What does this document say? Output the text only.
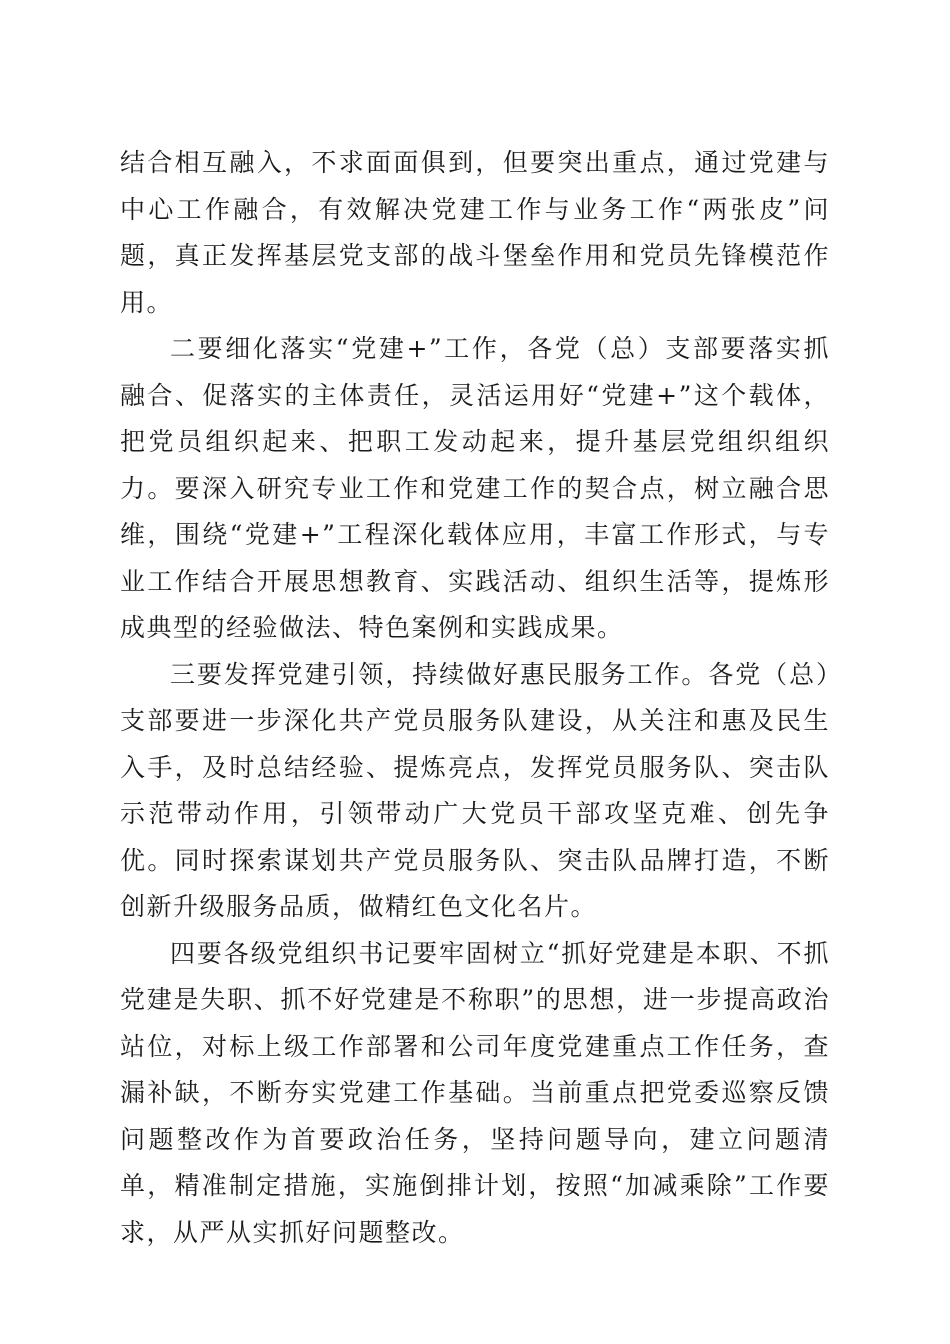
结合相互融入，不求面面俱到，但要突出重点，通过党建与中心工作融合，有效解决党建工作与业务工作“两张皮”问题，真正发挥基层党支部的战斗堡垒作用和党员先锋模范作用。

二要细化落实“党建+”工作，各党（总）支部要落实抓融合、促落实的主体责任，灵活运用好“党建+”这个载体，把党员组织起来、把职工发动起来，提升基层党组织组织力。要深入研究专业工作和党建工作的契合点，树立融合思维，围绕“党建+”工程深化载体应用，丰富工作形式，与专业工作结合开展思想教育、实践活动、组织生活等，提炼形成典型的经验做法、特色案例和实践成果。

三要发挥党建引领，持续做好惠民服务工作。各党（总）支部要进一步深化共产党员服务队建设，从关注和惠及民生入手，及时总结经验、提炼亮点，发挥党员服务队、突击队示范带动作用，引领带动广大党员干部攻坚克难、创先争优。同时探索谋划共产党员服务队、突击队品牌打造，不断创新升级服务品质，做精红色文化名片。

四要各级党组织书记要牢固树立“抓好党建是本职、不抓党建是失职、抓不好党建是不称职”的思想，进一步提高政治站位，对标上级工作部署和公司年度党建重点工作任务，查漏补缺，不断夯实党建工作基础。当前重点把党委巡察反馈问题整改作为首要政治任务，坚持问题导向，建立问题清单，精准制定措施，实施倒排计划，按照“加减乘除”工作要求，从严从实抓好问题整改。
